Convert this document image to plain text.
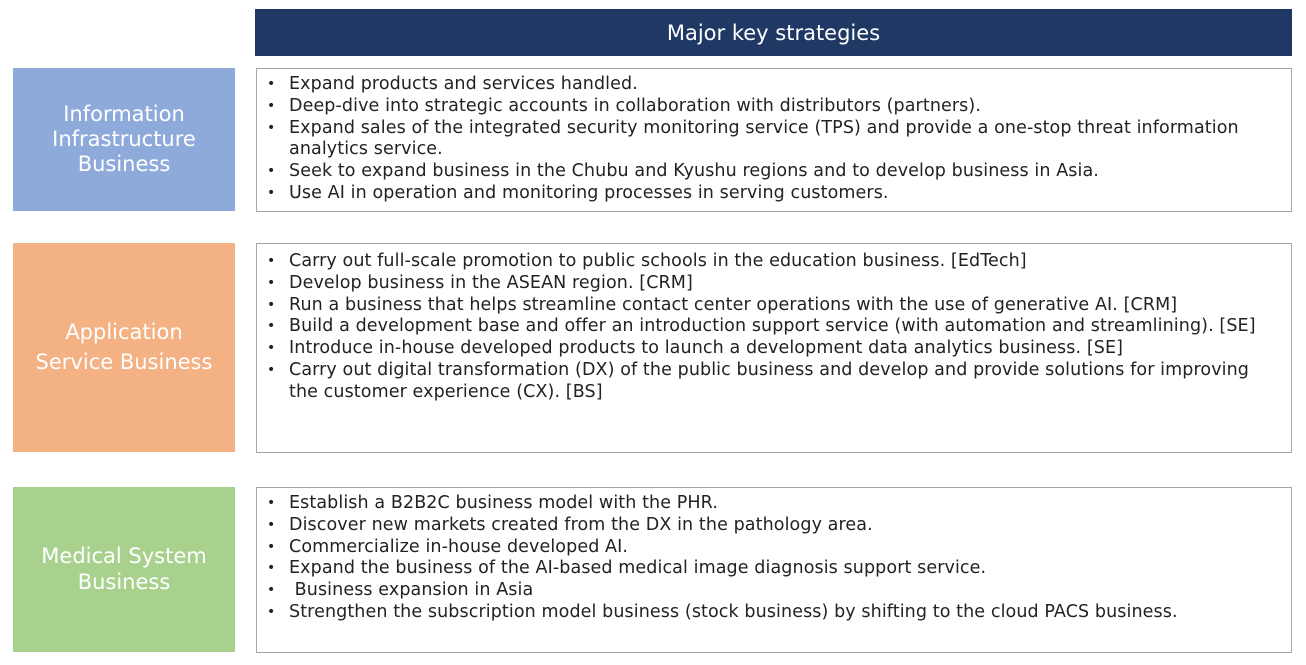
Major key strategies
Information
Infrastructure
Business
• Expand products and services handled.
• Deep-dive into strategic accounts in collaboration with distributors (partners).
• Expand sales of the integrated security monitoring service (TPS) and provide a one-stop threat information analytics service.
• Seek to expand business in the Chubu and Kyushu regions and to develop business in Asia.
• Use AI in operation and monitoring processes in serving customers.
Application
Service Business
• Carry out full-scale promotion to public schools in the education business. [EdTech]
• Develop business in the ASEAN region. [CRM]
• Run a business that helps streamline contact center operations with the use of generative AI. [CRM]
• Build a development base and offer an introduction support service (with automation and streamlining). [SE]
• Introduce in-house developed products to launch a development data analytics business. [SE]
• Carry out digital transformation (DX) of the public business and develop and provide solutions for improving the customer experience (CX). [BS]
Medical System
Business
• Establish a B2B2C business model with the PHR.
• Discover new markets created from the DX in the pathology area.
• Commercialize in-house developed AI.
• Expand the business of the AI-based medical image diagnosis support service.
•  Business expansion in Asia
• Strengthen the subscription model business (stock business) by shifting to the cloud PACS business.
